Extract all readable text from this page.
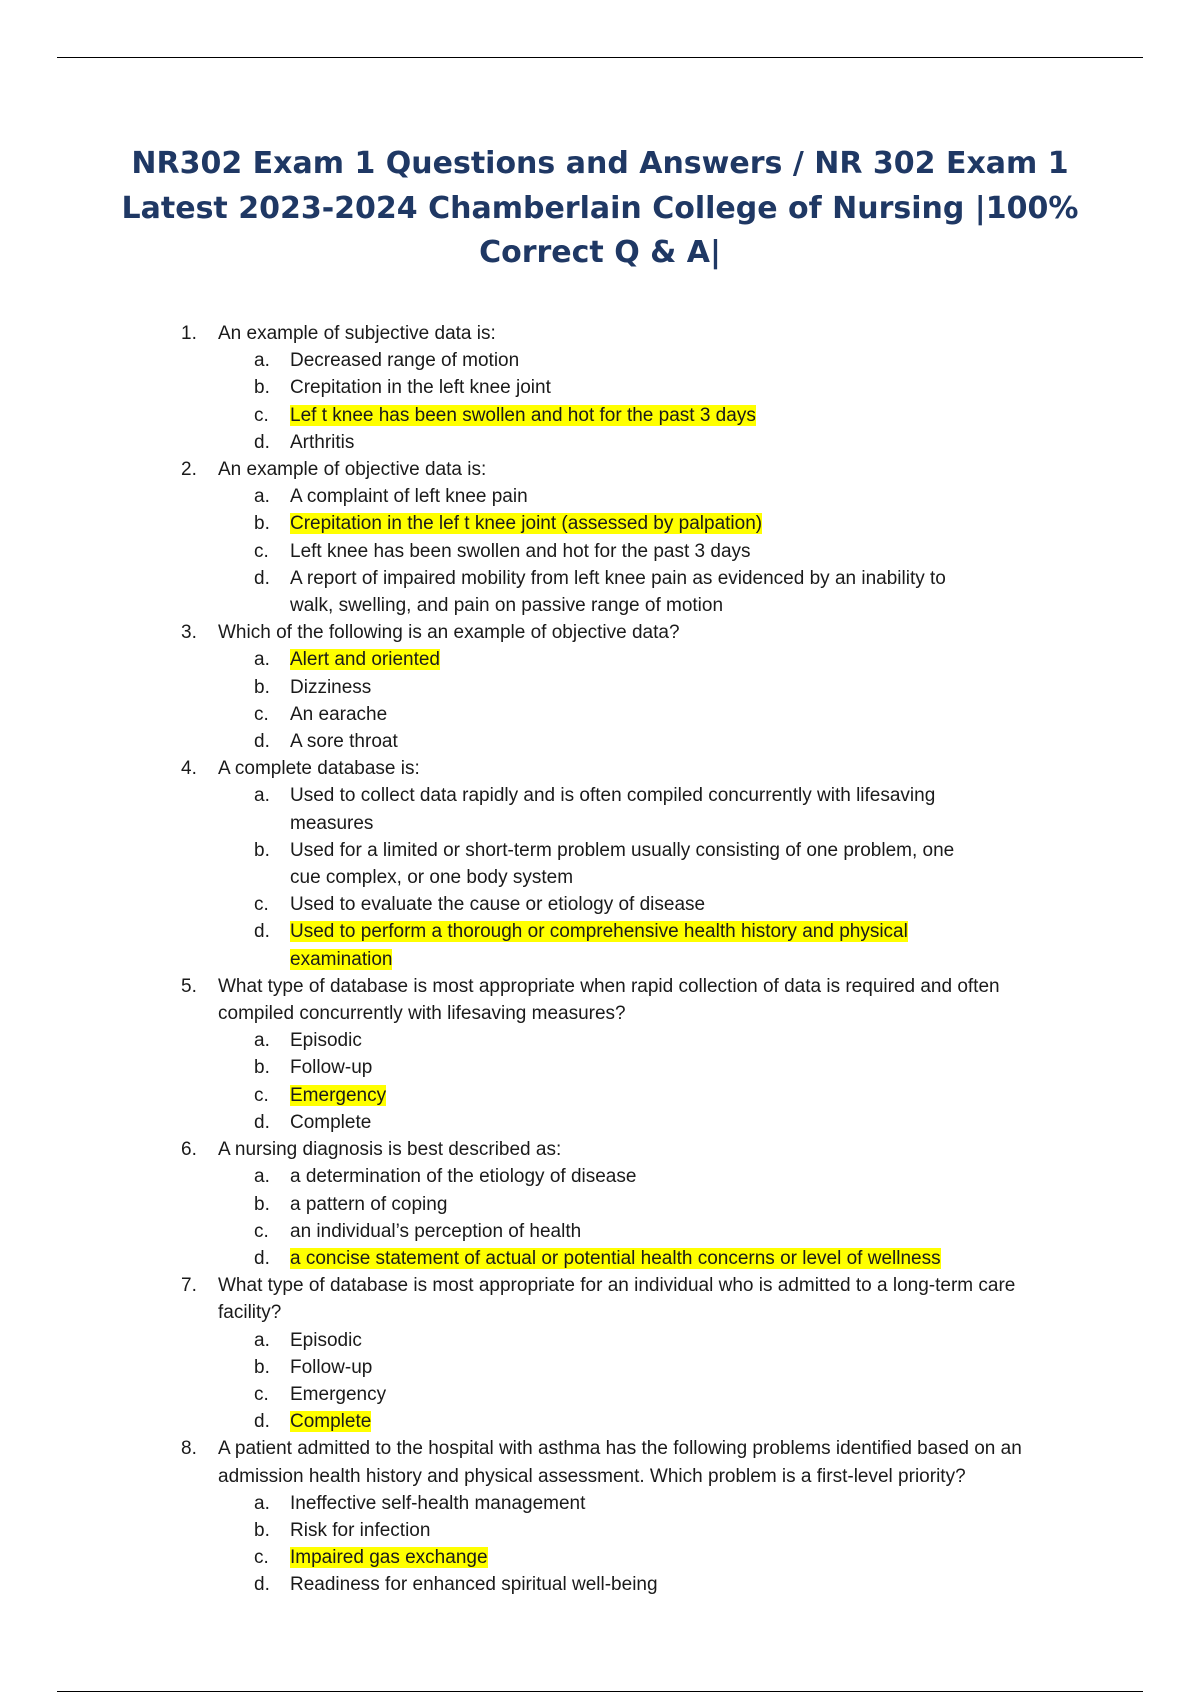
NR302 Exam 1 Questions and Answers / NR 302 Exam 1 Latest 2023-2024 Chamberlain College of Nursing |100% Correct Q & A|
1. An example of subjective data is:
a. Decreased range of motion
b. Crepitation in the left knee joint
c. Lef t knee has been swollen and hot for the past 3 days
d. Arthritis
2. An example of objective data is:
a. A complaint of left knee pain
b. Crepitation in the lef t knee joint (assessed by palpation)
c. Left knee has been swollen and hot for the past 3 days
d. A report of impaired mobility from left knee pain as evidenced by an inability to walk, swelling, and pain on passive range of motion
3. Which of the following is an example of objective data?
a. Alert and oriented
b. Dizziness
c. An earache
d. A sore throat
4. A complete database is:
a. Used to collect data rapidly and is often compiled concurrently with lifesaving measures
b. Used for a limited or short-term problem usually consisting of one problem, one cue complex, or one body system
c. Used to evaluate the cause or etiology of disease
d. Used to perform a thorough or comprehensive health history and physical examination
5. What type of database is most appropriate when rapid collection of data is required and often compiled concurrently with lifesaving measures?
a. Episodic
b. Follow-up
c. Emergency
d. Complete
6. A nursing diagnosis is best described as:
a. a determination of the etiology of disease
b. a pattern of coping
c. an individual’s perception of health
d. a concise statement of actual or potential health concerns or level of wellness
7. What type of database is most appropriate for an individual who is admitted to a long-term care facility?
a. Episodic
b. Follow-up
c. Emergency
d. Complete
8. A patient admitted to the hospital with asthma has the following problems identified based on an admission health history and physical assessment. Which problem is a first-level priority?
a. Ineffective self-health management
b. Risk for infection
c. Impaired gas exchange
d. Readiness for enhanced spiritual well-being
